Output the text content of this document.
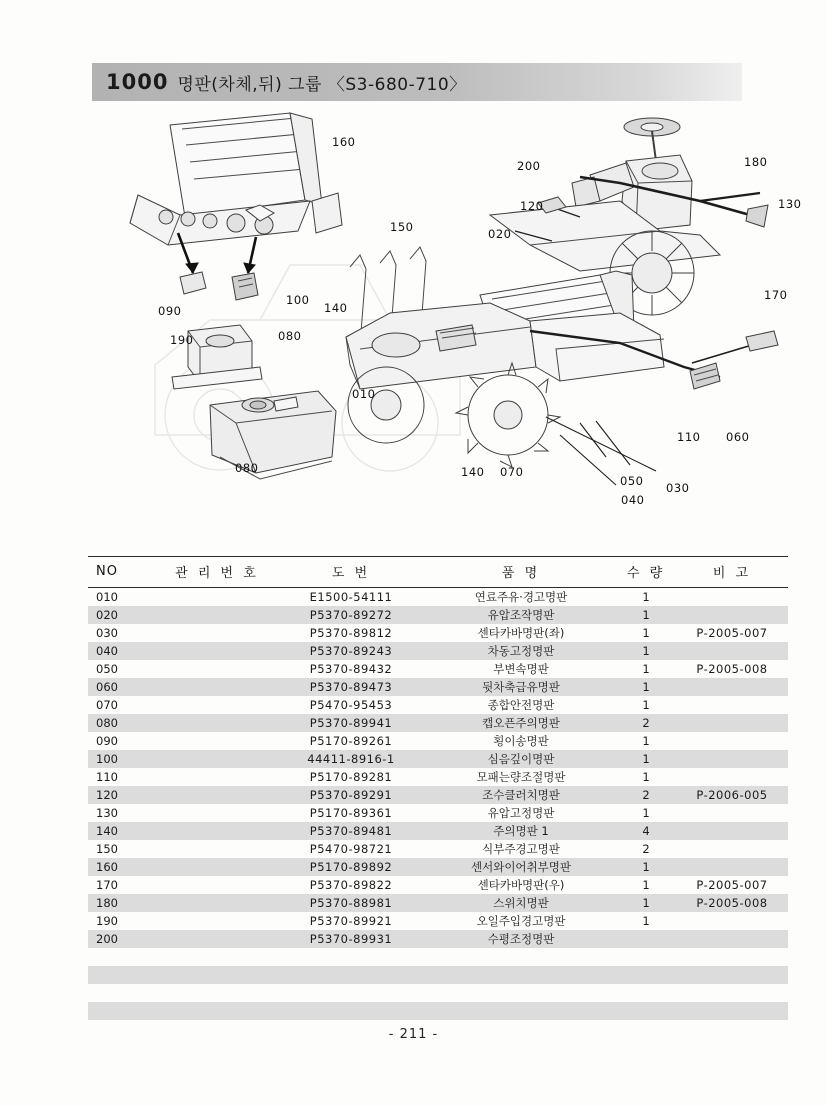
1000 명판(차체,뒤) 그룹 〈S3-680-710〉
160
150
140
100
090
190	080
010
080
200	180
120
020
130
170
110 060
140 070
050 030
040
NO	관 리 번 호	도 번	품 명	수 량	비 고
010		E1500-54111	연료주유·경고명판	1	
020		P5370-89272	유압조작명판	1	
030		P5370-89812	센타카바명판(좌)	1	P-2005-007
040		P5370-89243	차동고정명판	1	
050		P5370-89432	부변속명판	1	P-2005-008
060		P5370-89473	뒷차축급유명판	1	
070		P5470-95453	종합안전명판	1	
080		P5370-89941	캡오픈주의명판	2	
090		P5170-89261	횡이송명판	1	
100		44411-8916-1	심음깊이명판	1	
110		P5170-89281	모패는량조절명판	1	
120		P5370-89291	조수클러치명판	2	P-2006-005
130		P5170-89361	유압고정명판	1	
140		P5370-89481	주의명판 1	4	
150		P5470-98721	식부주경고명판	2	
160		P5170-89892	센서와이어취부명판	1	
170		P5370-89822	센타카바명판(우)	1	P-2005-007
180		P5370-88981	스위치명판	1	P-2005-008
190		P5370-89921	오일주입경고명판	1	
200		P5370-89931	수평조정명판		

- 211 -
